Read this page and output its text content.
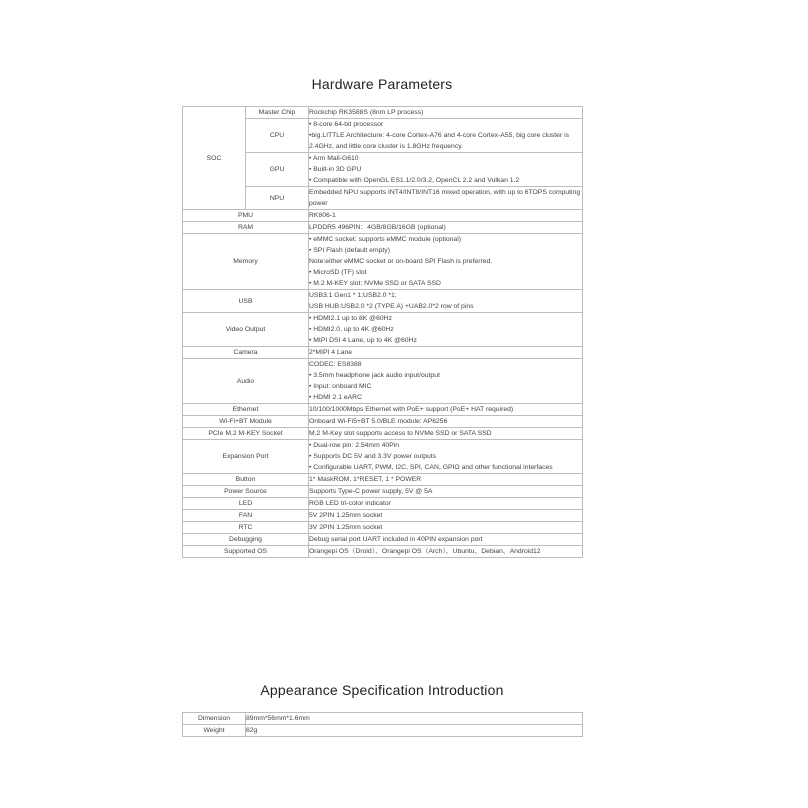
Hardware Parameters
SOC	Master Chip	Rockchip RK3588S (8nm LP process)

	CPU	• 8-core 64-bit processor
•big.LITTLE Architecture: 4-core Cortex-A76 and 4-core Cortex-A55, big core cluster is 2.4GHz, and little core cluster is 1.8GHz frequency.

	GPU	• Arm Mali-G610
• Built-in 3D GPU
• Compatible with OpenGL ES1.1/2.0/3.2, OpenCL 2.2 and Vulkan 1.2

	NPU	Embedded NPU supports INT4/INT8/INT16 mixed operation, with up to 6TOPS computing power

PMU		RK806-1

RAM		LPDDR5 496PIN：4GB/8GB/16GB (optional)

Memory		• eMMC socket: supports eMMC module (optional)
• SPI Flash (default empty)
Note:either eMMC socket or on-board SPI Flash is preferred.
• MicroSD (TF) slot
• M.2 M-KEY slot: NVMe SSD or SATA SSD

USB		USB3.1 Gen1 * 1;USB2.0 *1;
USB HUB:USB2.0 *2 (TYPE A) +UAB2.0*2 row of pins

Video Output		• HDMI2.1 up to 8K @60Hz
• HDMI2.0, up to 4K @60Hz
• MIPI DSI 4 Lane, up to 4K @60Hz

Camera		2*MIPI 4 Lane

Audio		CODEC: ES8388
• 3.5mm headphone jack audio input/output
• Input: onboard MIC
• HDMI 2.1 eARC

Ethernet		10/100/1000Mbps Ethernet with PoE+ support (PoE+ HAT required)

Wi-Fi+BT Module		Onboard Wi-Fi5+BT 5.0/BLE module: AP6256

PCIe M.2 M-KEY Socket		M.2 M-Key slot supports access to NVMe SSD or SATA SSD

Expansion Port		• Dual-row pin: 2.54mm 40Pin
• Supports DC 5V and 3.3V power outputs
• Configurable UART, PWM, I2C, SPI, CAN, GPIO and other functional interfaces

Button		1* MaskROM, 1*RESET, 1 * POWER

Power Source		Supports Type-C power supply, 5V @ 5A

LED		RGB LED tri-color indicator

FAN		5V 2PIN 1.25mm socket

RTC		3V 2PIN 1.25mm socket

Debugging		Debug serial port UART included in 40PIN expansion port

Supported OS		Orangepi OS（Droid）、Orangepi OS（Arch）、Ubuntu、Debian、Android12
Appearance Specification Introduction
Dimension	89mm*56mm*1.6mm
Weight	62g
